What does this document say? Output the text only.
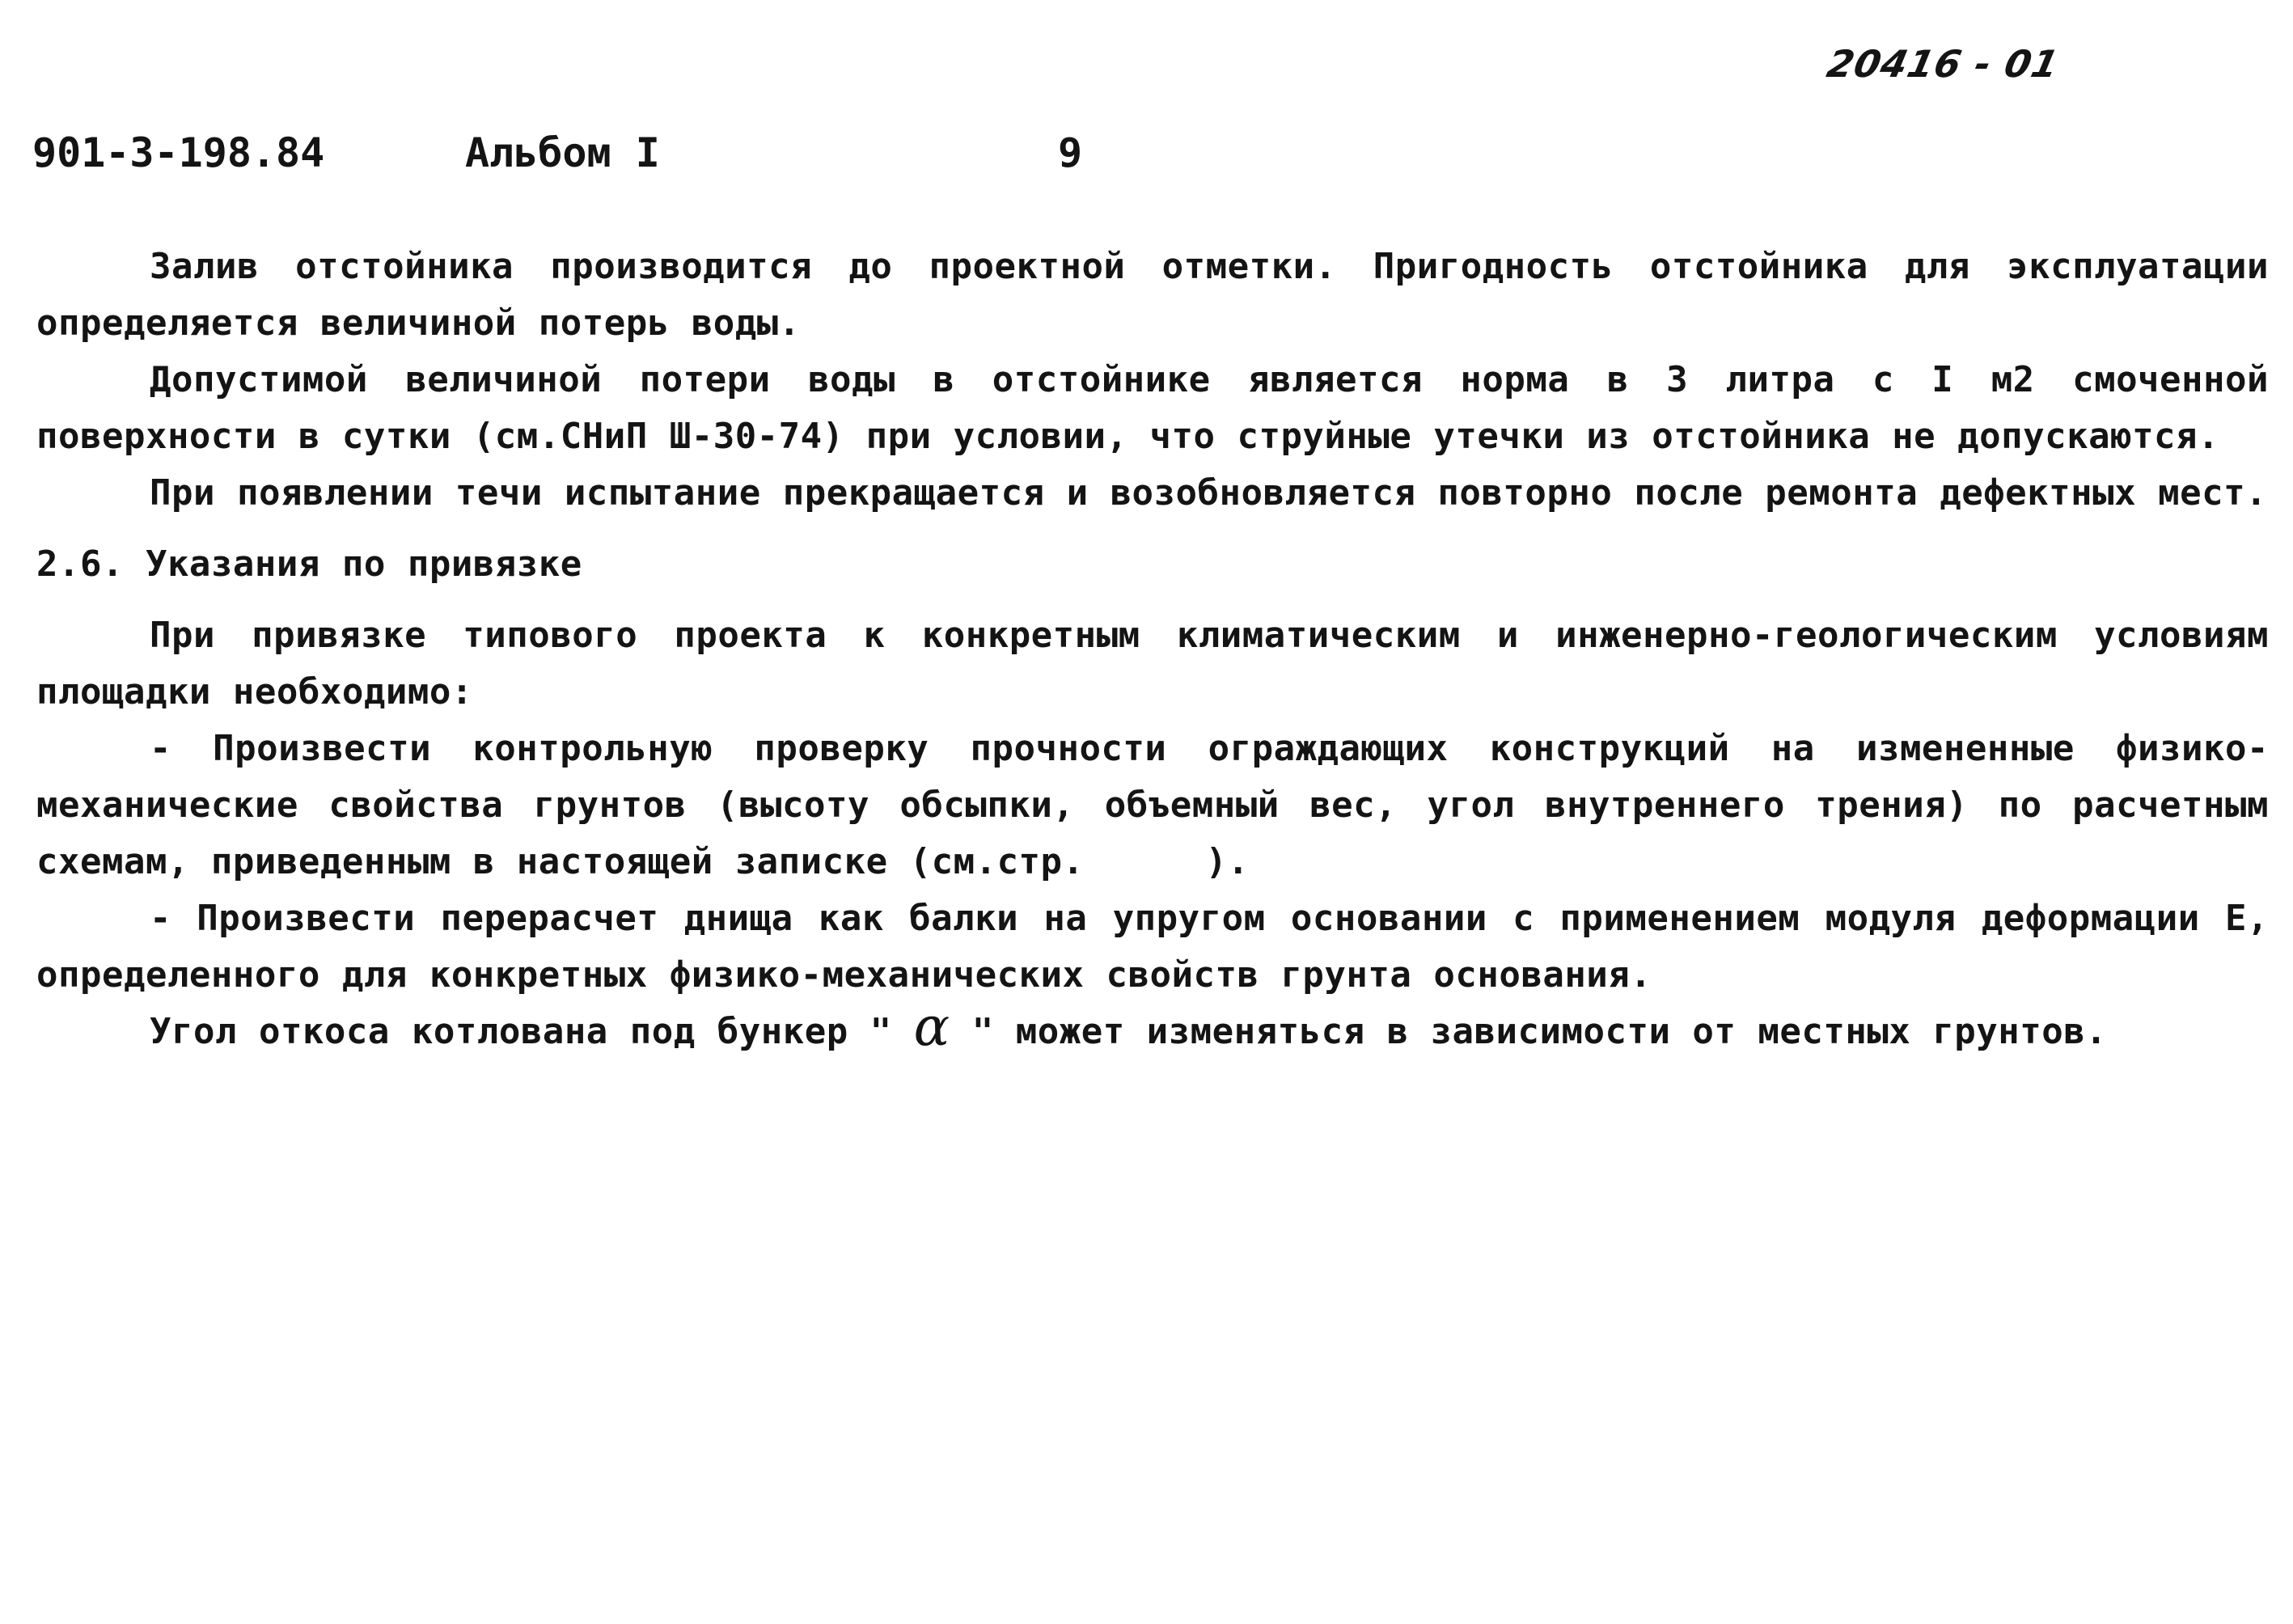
20416 - 01
901-3-198.84	Альбом I	9

Залив отстойника производится до проектной отметки. Пригодность отстойника для эксплуатации определяется величиной потерь воды.

Допустимой величиной потери воды в отстойнике является норма в 3 литра с I м2 смоченной поверхности в сутки (см.СНиП Ш-30-74) при условии, что струйные утечки из отстойника не допускаются.

При появлении течи испытание прекращается и возобновляется повторно после ремонта дефектных мест.

2.6. Указания по привязке

При привязке типового проекта к конкретным климатическим и инженерно-геологическим условиям площадки необходимо:

- Произвести контрольную проверку прочности ограждающих конструкций на измененные физико-механические свойства грунтов (высоту обсыпки, объемный вес, угол внутреннего трения) по расчетным схемам, приведенным в настоящей записке (см.стр.	).

- Произвести перерасчет днища как балки на упругом основании с применением модуля деформации Е, определенного для конкретных физико-механических свойств грунта основания.

Угол откоса котлована под бункер " α " может изменяться в зависимости от местных грунтов.
